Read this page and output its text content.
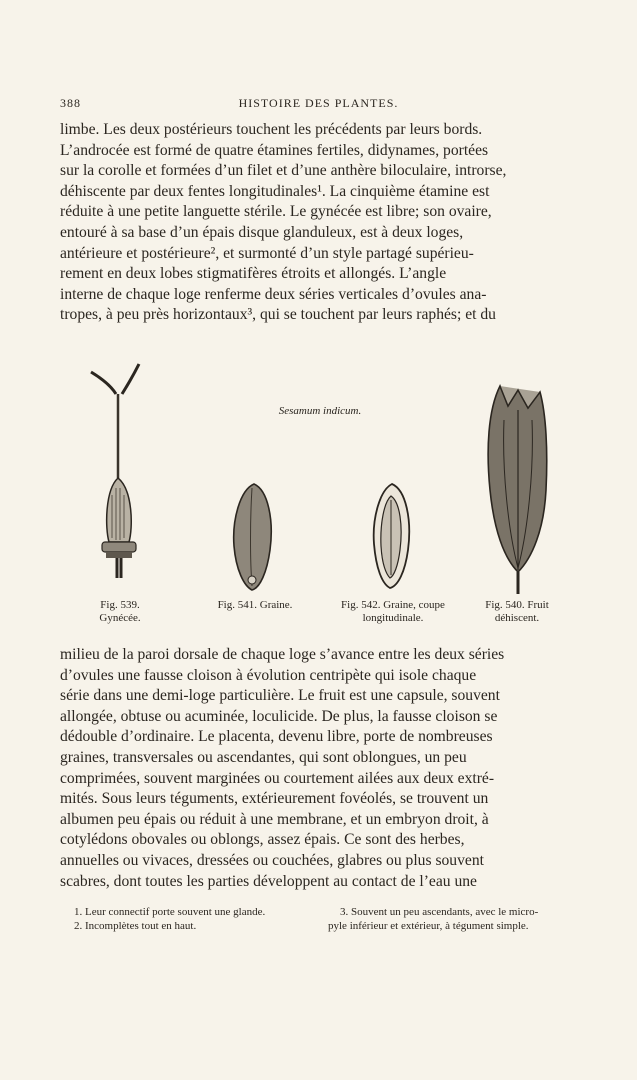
388	HISTOIRE DES PLANTES.
limbe. Les deux postérieurs touchent les précédents par leurs bords.
L’androcée est formé de quatre étamines fertiles, didynames, portées
sur la corolle et formées d’un filet et d’une anthère biloculaire, introrse,
déhiscente par deux fentes longitudinales¹. La cinquième étamine est
réduite à une petite languette stérile. Le gynécée est libre; son ovaire,
entouré à sa base d’un épais disque glanduleux, est à deux loges,
antérieure et postérieure², et surmonté d’un style partagé supérieu-
rement en deux lobes stigmatifères étroits et allongés. L’angle
interne de chaque loge renferme deux séries verticales d’ovules ana-
tropes, à peu près horizontaux³, qui se touchent par leurs raphés; et du
Sesamum indicum.
Fig. 539.
Gynécée.
Fig. 541. Graine.	Fig. 542. Graine, coupe longitudinale.
Fig. 540. Fruit déhiscent.
milieu de la paroi dorsale de chaque loge s’avance entre les deux séries
d’ovules une fausse cloison à évolution centripète qui isole chaque
série dans une demi-loge particulière. Le fruit est une capsule, souvent
allongée, obtuse ou acuminée, loculicide. De plus, la fausse cloison se
dédouble d’ordinaire. Le placenta, devenu libre, porte de nombreuses
graines, transversales ou ascendantes, qui sont oblongues, un peu
comprimées, souvent marginées ou courtement ailées aux deux extré-
mités. Sous leurs téguments, extérieurement fovéolés, se trouvent un
albumen peu épais ou réduit à une membrane, et un embryon droit, à
cotylédons obovales ou oblongs, assez épais. Ce sont des herbes,
annuelles ou vivaces, dressées ou couchées, glabres ou plus souvent
scabres, dont toutes les parties développent au contact de l’eau une
1. Leur connectif porte souvent une glande.
2. Incomplètes tout en haut.
3. Souvent un peu ascendants, avec le micro-
pyle inférieur et extérieur, à tégument simple.
